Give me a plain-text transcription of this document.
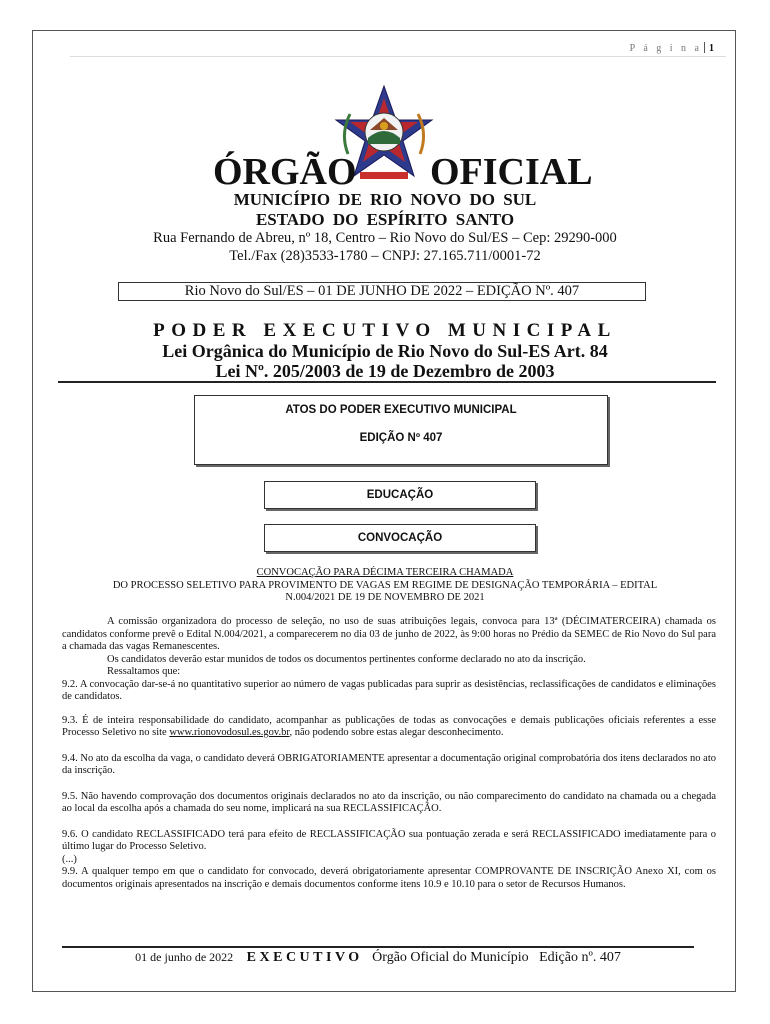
P á g i n a 1
ÓRGÃO OFICIAL
MUNICÍPIO DE RIO NOVO DO SUL
ESTADO DO ESPÍRITO SANTO
Rua Fernando de Abreu, nº 18, Centro – Rio Novo do Sul/ES – Cep: 29290-000
Tel./Fax (28)3533-1780 – CNPJ: 27.165.711/0001-72
Rio Novo do Sul/ES – 01 DE JUNHO DE 2022 – EDIÇÃO Nº. 407
PODER EXECUTIVO MUNICIPAL
Lei Orgânica do Município de Rio Novo do Sul-ES Art. 84
Lei Nº. 205/2003 de 19 de Dezembro de 2003
ATOS DO PODER EXECUTIVO MUNICIPAL
EDIÇÃO Nº 407
EDUCAÇÃO
CONVOCAÇÃO
CONVOCAÇÃO PARA DÉCIMA TERCEIRA CHAMADA
DO PROCESSO SELETIVO PARA PROVIMENTO DE VAGAS EM REGIME DE DESIGNAÇÃO TEMPORÁRIA – EDITAL
N.004/2021 DE 19 DE NOVEMBRO DE 2021

A comissão organizadora do processo de seleção, no uso de suas atribuições legais, convoca para 13ª (DÉCIMATERCEIRA) chamada os candidatos conforme prevê o Edital N.004/2021, a comparecerem no dia 03 de junho de 2022, às 9:00 horas no Prédio da SEMEC de Rio Novo do Sul para a chamada das vagas Remanescentes.

Os candidatos deverão estar munidos de todos os documentos pertinentes conforme declarado no ato da inscrição.

Ressaltamos que:

9.2. A convocação dar-se-á no quantitativo superior ao número de vagas publicadas para suprir as desistências, reclassificações de candidatos e eliminações de candidatos.

9.3. É de inteira responsabilidade do candidato, acompanhar as publicações de todas as convocações e demais publicações oficiais referentes a esse Processo Seletivo no site www.rionovodosul.es.gov.br, não podendo sobre estas alegar desconhecimento.

9.4. No ato da escolha da vaga, o candidato deverá OBRIGATORIAMENTE apresentar a documentação original comprobatória dos itens declarados no ato da inscrição.

9.5. Não havendo comprovação dos documentos originais declarados no ato da inscrição, ou não comparecimento do candidato na chamada ou a chegada ao local da escolha após a chamada do seu nome, implicará na sua RECLASSIFICAÇÃO.

9.6. O candidato RECLASSIFICADO terá para efeito de RECLASSIFICAÇÃO sua pontuação zerada e será RECLASSIFICADO imediatamente para o último lugar do Processo Seletivo.

(...)

9.9. A qualquer tempo em que o candidato for convocado, deverá obrigatoriamente apresentar COMPROVANTE DE INSCRIÇÃO Anexo XI, com os documentos originais apresentados na inscrição e demais documentos conforme itens 10.9 e 10.10 para o setor de Recursos Humanos.

01 de junho de 2022 EXECUTIVO Órgão Oficial do Município   Edição nº. 407
